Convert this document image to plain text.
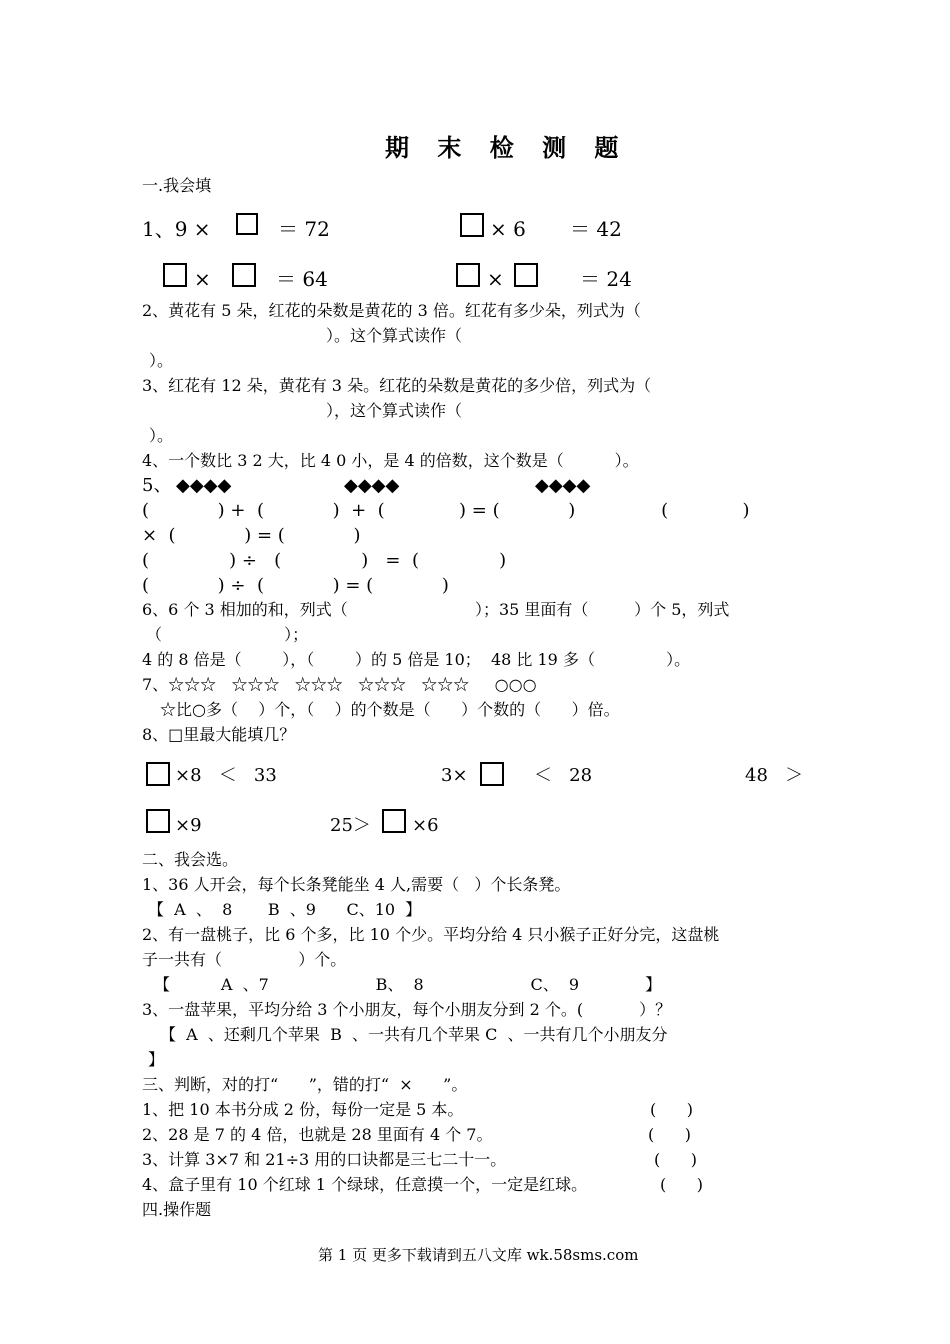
期 末 检 测 题
一.我会填
1、9 ×	＝ 72	× 6 ＝ 42
×	＝ 64	×	＝ 24
2、黄花有 5 朵，红花的朵数是黄花的 3 倍。红花有多少朵，列式为（
）。这个算式读作（
）。
3、红花有 12 朵，黄花有 3 朵。红花的朵数是黄花的多少倍，列式为（
），这个算式读作（
）。
4、一个数比 3 2 大，比 4 0 小，是 4 的倍数，这个数是（          ）。
5、 ◆◆◆◆	◆◆◆◆	◆◆◆◆
(            ) +  (            )  +  (             ) = (            )               (             )
×  (            ) = (            )
(              ) ÷   (              )   =  (              )
(            ) ÷  (            ) = (            )
6、6 个 3 相加的和，列式（                         ）；35 里面有（         ）个 5，列式
（                        ）；
4 的 8 倍是（        ），（        ）的 5 倍是 10；  48 比 19 多（              ）。
7、☆☆☆   ☆☆☆   ☆☆☆   ☆☆☆   ☆☆☆     ○○○
☆比○多（    ）个，（    ）的个数是（      ）个数的（      ）倍。
8、□里最大能填几？
×8   ＜   33	3×	＜   28	48   ＞
×9	25＞ ×6
二、我会选。
1、36 人开会，每个长条凳能坐 4 人,需要（   ）个长条凳。
【  A  、  8       B  、9      C、10  】
2、有一盘桃子，比 6 个多，比 10 个少。平均分给 4 只小猴子正好分完，这盘桃
子一共有（               ）个。
【          A  、7                     B、  8                     C、  9             】
3、一盘苹果，平均分给 3 个小朋友，每个小朋友分到 2 个。(           ）？
【  A  、还剩几个苹果  B  、一共有几个苹果 C  、一共有几个小朋友分
】
三、判断，对的打“      ”，错的打“  ×      ”。
1、把 10 本书分成 2 份，每份一定是 5 本。	(      )
2、28 是 7 的 4 倍，也就是 28 里面有 4 个 7。	(      )
3、计算 3×7 和 21÷3 用的口诀都是三七二十一。	(      )
4、盒子里有 10 个红球 1 个绿球，任意摸一个，一定是红球。	(      )
四.操作题
第 1 页 更多下载请到五八文库 wk.58sms.com
